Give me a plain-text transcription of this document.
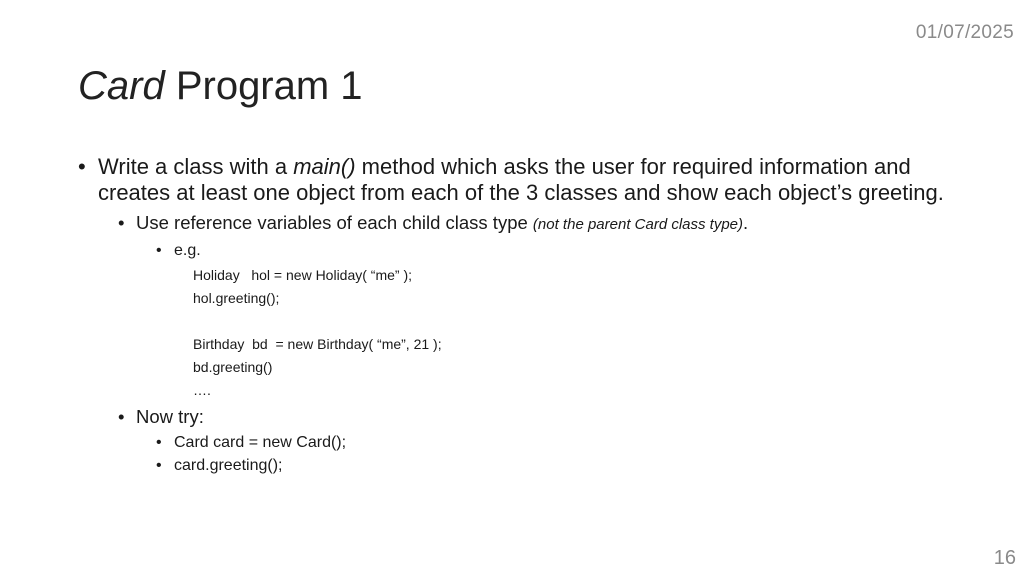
01/07/2025
Card Program 1
• Write a class with a main() method which asks the user for required information and creates at least one object from each of the 3 classes and show each object’s greeting.
• Use reference variables of each child class type (not the parent Card class type).
• e.g.
Holiday   hol = new Holiday( “me” );
hol.greeting();
Birthday  bd  = new Birthday( “me”, 21 );
bd.greeting()
….
• Now try:
• Card card = new Card();
• card.greeting();
16
